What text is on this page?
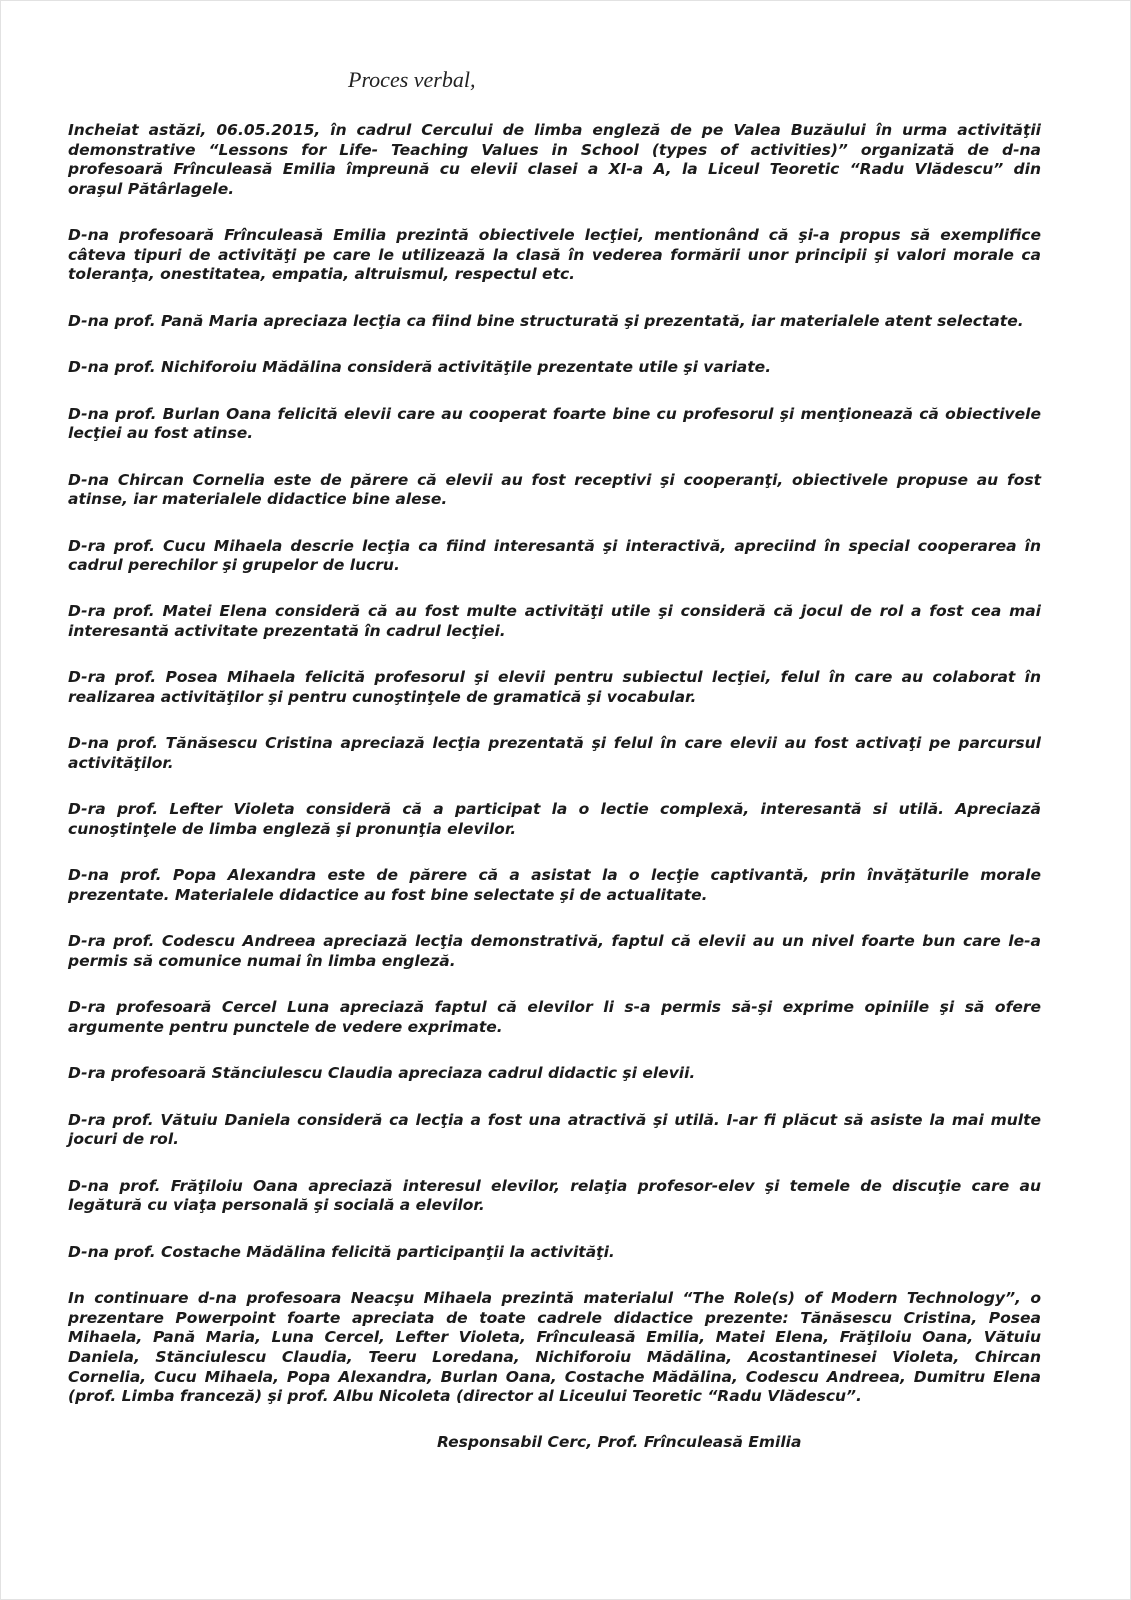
Proces verbal,

Incheiat astăzi, 06.05.2015, în cadrul Cercului de limba engleză de pe Valea Buzăului în urma activităţii
demonstrative “Lessons for Life- Teaching Values in School (types of activities)” organizată de d-na
profesoară Frînculeasă Emilia împreună cu elevii clasei a XI-a A, la Liceul Teoretic “Radu Vlădescu” din
oraşul Pătârlagele.

D-na profesoară Frînculeasă Emilia prezintă obiectivele lecţiei, mentionând că şi-a propus să exemplifice
câteva tipuri de activităţi pe care le utilizează la clasă în vederea formării unor principii şi valori morale ca
toleranţa, onestitatea, empatia, altruismul, respectul etc.

D-na prof. Pană Maria apreciaza lecţia ca fiind bine structurată şi prezentată, iar materialele atent selectate.

D-na prof. Nichiforoiu Mădălina consideră activităţile prezentate utile şi variate.

D-na prof. Burlan Oana felicită elevii care au cooperat foarte bine cu profesorul şi menţionează că obiectivele
lecţiei au fost atinse.

D-na Chircan Cornelia este de părere că elevii au fost receptivi şi cooperanţi, obiectivele propuse au fost
atinse, iar materialele didactice bine alese.

D-ra prof. Cucu Mihaela descrie lecţia ca fiind interesantă şi interactivă, apreciind în special cooperarea în
cadrul perechilor şi grupelor de lucru.

D-ra prof. Matei Elena consideră că au fost multe activităţi utile şi consideră că jocul de rol a fost cea mai
interesantă activitate prezentată în cadrul lecţiei.

D-ra prof. Posea Mihaela felicită profesorul şi elevii pentru subiectul lecţiei, felul în care au colaborat în
realizarea activităţilor şi pentru cunoştinţele de gramatică şi vocabular.

D-na prof. Tănăsescu Cristina apreciază lecţia prezentată şi felul în care elevii au fost activaţi pe parcursul
activităţilor.

D-ra prof. Lefter Violeta consideră că a participat la o lectie complexă, interesantă si utilă. Apreciază
cunoştinţele de limba engleză şi pronunţia elevilor.

D-na prof. Popa Alexandra este de părere că a asistat la o lecţie captivantă, prin învăţăturile morale
prezentate. Materialele didactice au fost bine selectate şi de actualitate.

D-ra prof. Codescu Andreea apreciază lecţia demonstrativă, faptul că elevii au un nivel foarte bun care le-a
permis să comunice numai în limba engleză.

D-ra profesoară Cercel Luna apreciază faptul că elevilor li s-a permis să-şi exprime opiniile şi să ofere
argumente pentru punctele de vedere exprimate.

D-ra profesoară Stănciulescu Claudia apreciaza cadrul didactic şi elevii.

D-ra prof. Vătuiu Daniela consideră ca lecţia a fost una atractivă şi utilă. I-ar fi plăcut să asiste la mai multe
jocuri de rol.

D-na prof. Frăţiloiu Oana apreciază interesul elevilor, relaţia profesor-elev şi temele de discuţie care au
legătură cu viaţa personală şi socială a elevilor.

D-na prof. Costache Mădălina felicită participanţii la activităţi.

In continuare d-na profesoara Neacşu Mihaela prezintă materialul “The Role(s) of Modern Technology”, o
prezentare Powerpoint foarte apreciata de toate cadrele didactice prezente: Tănăsescu Cristina, Posea
Mihaela, Pană Maria, Luna Cercel, Lefter Violeta, Frînculeasă Emilia, Matei Elena, Frăţiloiu Oana, Vătuiu
Daniela, Stănciulescu Claudia, Teeru Loredana, Nichiforoiu Mădălina, Acostantinesei Violeta, Chircan
Cornelia, Cucu Mihaela, Popa Alexandra, Burlan Oana, Costache Mădălina, Codescu Andreea, Dumitru Elena
(prof. Limba franceză) şi prof. Albu Nicoleta (director al Liceului Teoretic “Radu Vlădescu”.

Responsabil Cerc, Prof. Frînculeasă Emilia
